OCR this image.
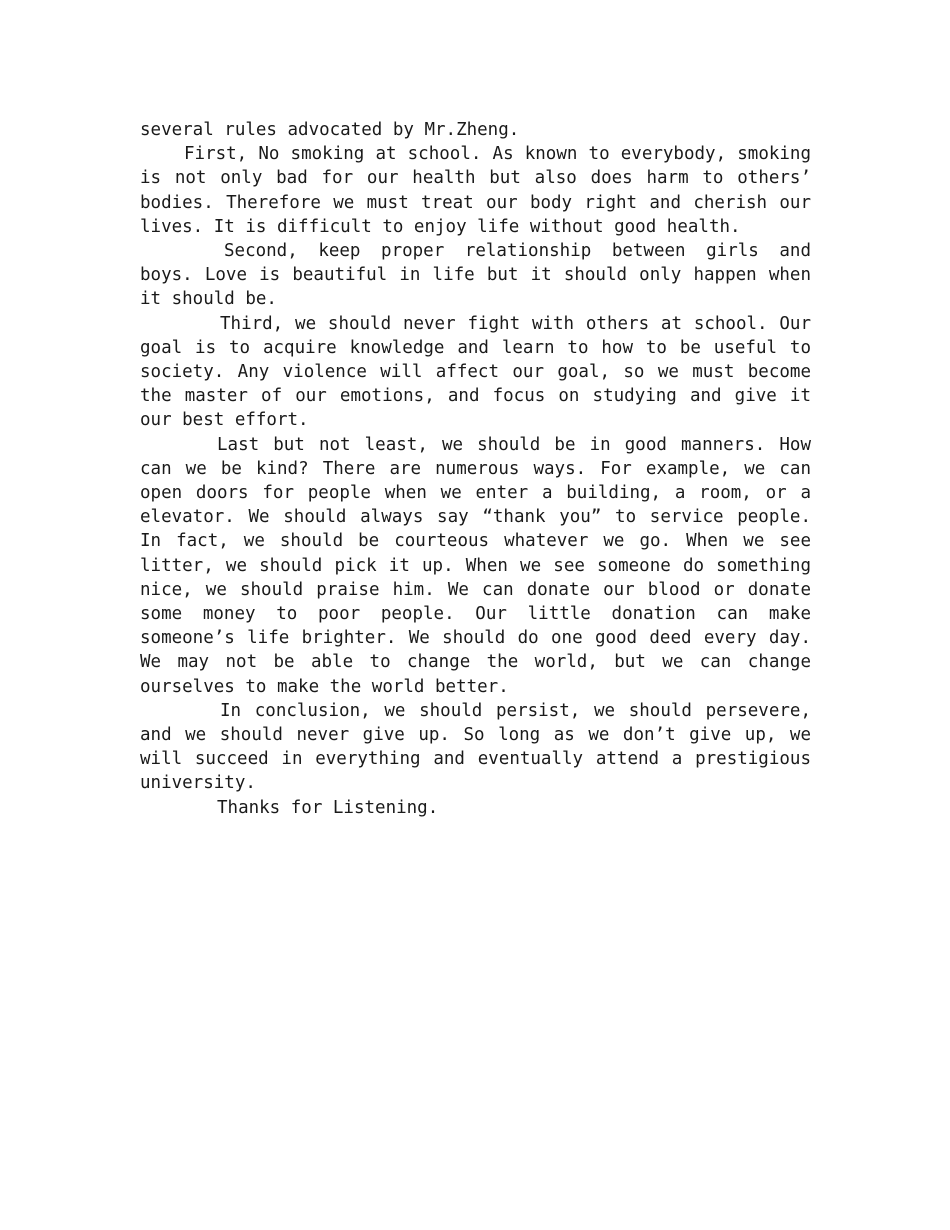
several rules advocated by Mr.Zheng.

First, No smoking at school. As known to everybody, smoking is not only bad for our health but also does harm to others’ bodies. Therefore we must treat our body right and cherish our lives. It is difficult to enjoy life without good health.

Second, keep proper relationship between girls and boys. Love is beautiful in life but it should only happen when it should be.

Third, we should never fight with others at school. Our goal is to acquire knowledge and learn to how to be useful to society. Any violence will affect our goal, so we must become the master of our emotions, and focus on studying and give it our best effort.

Last but not least, we should be in good manners. How can we be kind? There are numerous ways. For example, we can open doors for people when we enter a building, a room, or a elevator. We should always say “thank you” to service people. In fact, we should be courteous whatever we go. When we see litter, we should pick it up. When we see someone do something nice, we should praise him. We can donate our blood or donate some money to poor people. Our little donation can make someone’s life brighter. We should do one good deed every day. We may not be able to change the world, but we can change ourselves to make the world better.

In conclusion, we should persist, we should persevere, and we should never give up. So long as we don’t give up, we will succeed in everything and eventually attend a prestigious university.

Thanks for Listening.
